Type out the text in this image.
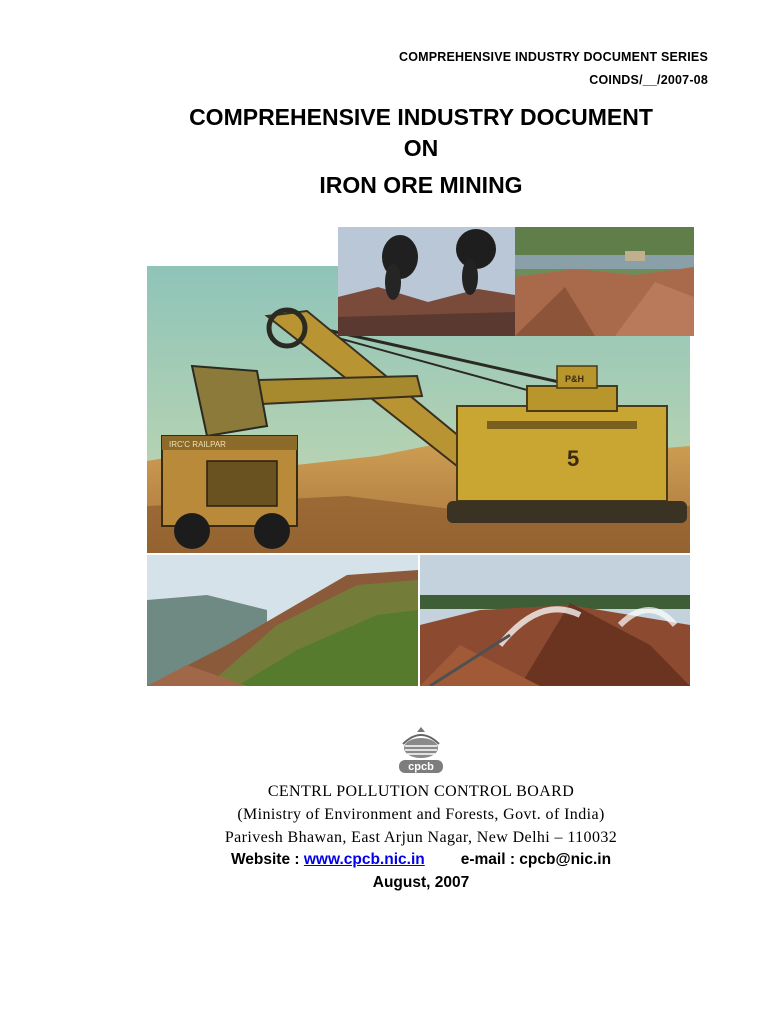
COMPREHENSIVE INDUSTRY DOCUMENT SERIES
COINDS/__/2007-08
COMPREHENSIVE INDUSTRY DOCUMENT
ON
IRON ORE MINING
5
P&H
IRC'C RAILPAR
cpcb
CENTRL POLLUTION CONTROL BOARD
(Ministry of Environment and Forests, Govt. of India)
Parivesh Bhawan, East Arjun Nagar, New Delhi – 110032
Website : www.cpcb.nic.in e-mail : cpcb@nic.in
August, 2007
